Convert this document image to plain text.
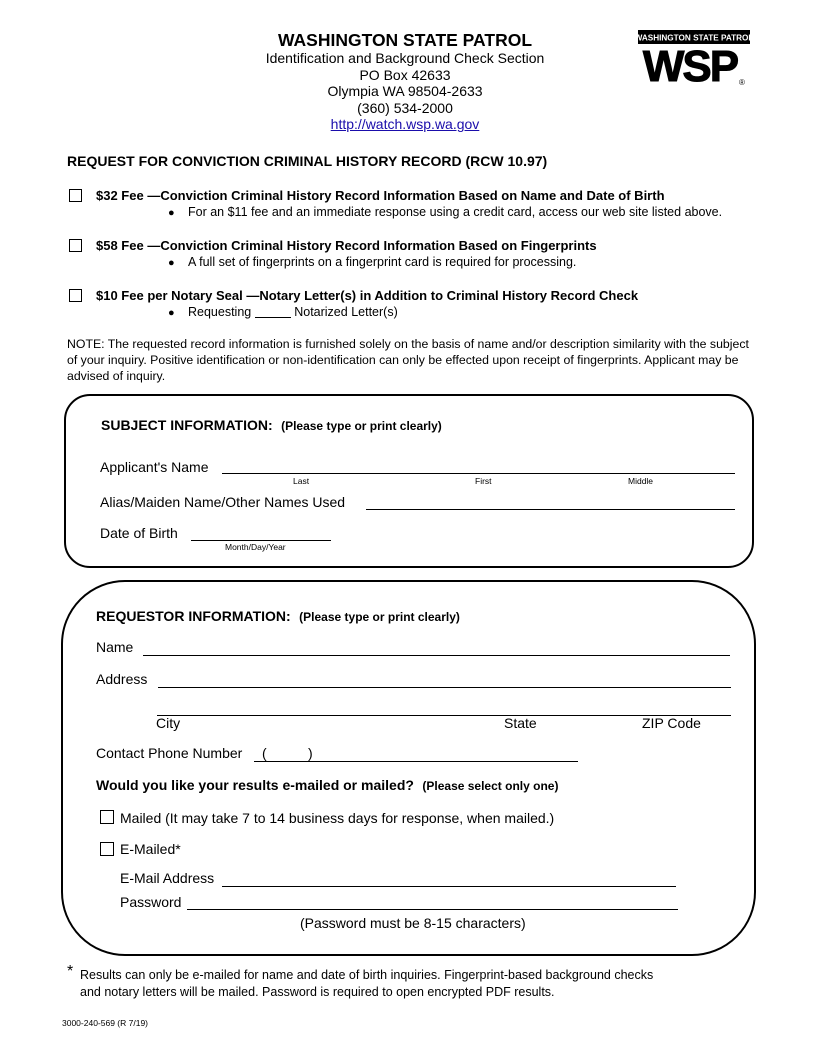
WASHINGTON STATE PATROL
Identification and Background Check Section
PO Box 42633
Olympia WA 98504-2633
(360) 534-2000
http://watch.wsp.wa.gov
WASHINGTON STATE PATROL
WSP ®
REQUEST FOR CONVICTION CRIMINAL HISTORY RECORD (RCW 10.97)
$32 Fee —Conviction Criminal History Record Information Based on Name and Date of Birth
● For an $11 fee and an immediate response using a credit card, access our web site listed above.
$58 Fee —Conviction Criminal History Record Information Based on Fingerprints
● A full set of fingerprints on a fingerprint card is required for processing.
$10 Fee per Notary Seal —Notary Letter(s) in Addition to Criminal History Record Check
● Requesting	Notarized Letter(s)
NOTE: The requested record information is furnished solely on the basis of name and/or description similarity with the subject of your inquiry. Positive identification or non-identification can only be effected upon receipt of fingerprints. Applicant may be advised of inquiry.
SUBJECT INFORMATION: (Please type or print clearly)
Applicant's Name
Last	First	Middle
Alias/Maiden Name/Other Names Used
Date of Birth
Month/Day/Year
REQUESTOR INFORMATION: (Please type or print clearly)
Name
Address
City	State	ZIP Code
Contact Phone Number (	)
Would you like your results e-mailed or mailed? (Please select only one)
Mailed (It may take 7 to 14 business days for response, when mailed.)
E-Mailed*
E-Mail Address
Password
(Password must be 8-15 characters)
* Results can only be e-mailed for name and date of birth inquiries. Fingerprint-based background checks
and notary letters will be mailed. Password is required to open encrypted PDF results.
3000-240-569 (R 7/19)
